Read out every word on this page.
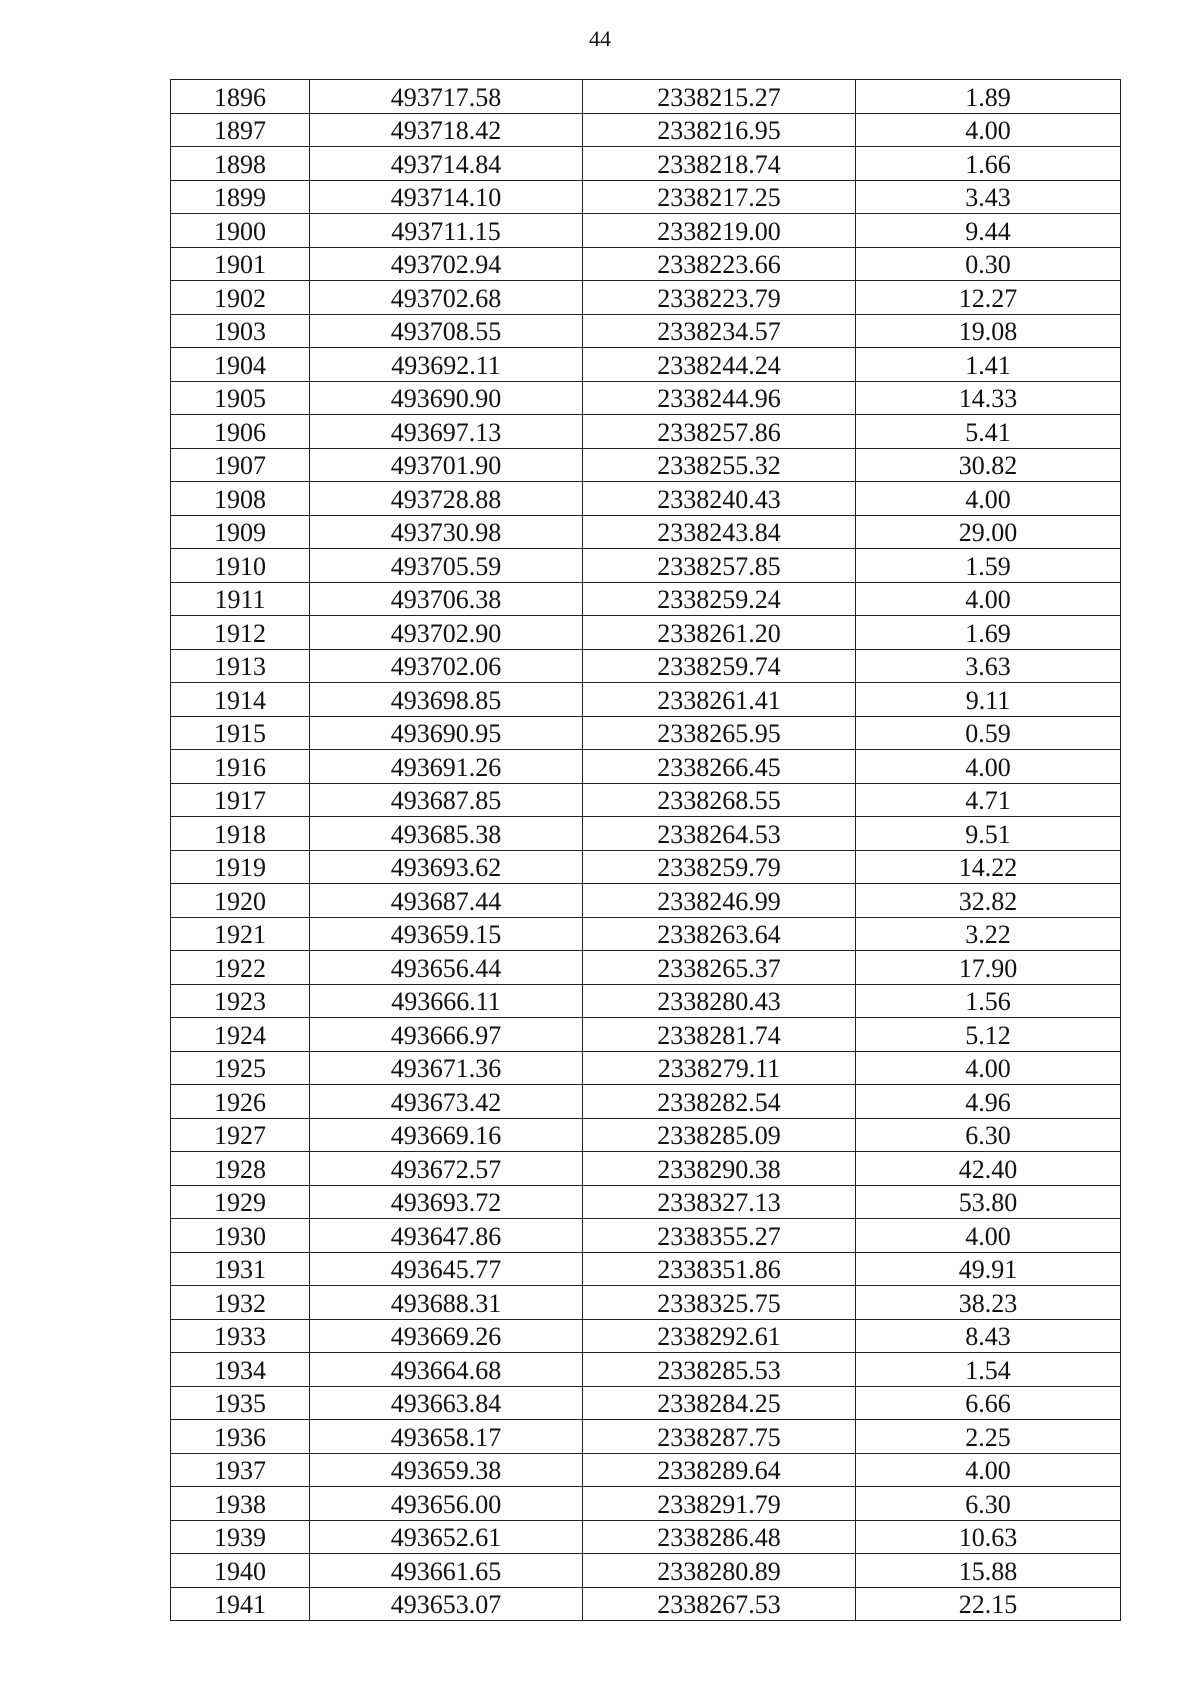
44
1896	493717.58	2338215.27	1.89
1897	493718.42	2338216.95	4.00
1898	493714.84	2338218.74	1.66
1899	493714.10	2338217.25	3.43
1900	493711.15	2338219.00	9.44
1901	493702.94	2338223.66	0.30
1902	493702.68	2338223.79	12.27
1903	493708.55	2338234.57	19.08
1904	493692.11	2338244.24	1.41
1905	493690.90	2338244.96	14.33
1906	493697.13	2338257.86	5.41
1907	493701.90	2338255.32	30.82
1908	493728.88	2338240.43	4.00
1909	493730.98	2338243.84	29.00
1910	493705.59	2338257.85	1.59
1911	493706.38	2338259.24	4.00
1912	493702.90	2338261.20	1.69
1913	493702.06	2338259.74	3.63
1914	493698.85	2338261.41	9.11
1915	493690.95	2338265.95	0.59
1916	493691.26	2338266.45	4.00
1917	493687.85	2338268.55	4.71
1918	493685.38	2338264.53	9.51
1919	493693.62	2338259.79	14.22
1920	493687.44	2338246.99	32.82
1921	493659.15	2338263.64	3.22
1922	493656.44	2338265.37	17.90
1923	493666.11	2338280.43	1.56
1924	493666.97	2338281.74	5.12
1925	493671.36	2338279.11	4.00
1926	493673.42	2338282.54	4.96
1927	493669.16	2338285.09	6.30
1928	493672.57	2338290.38	42.40
1929	493693.72	2338327.13	53.80
1930	493647.86	2338355.27	4.00
1931	493645.77	2338351.86	49.91
1932	493688.31	2338325.75	38.23
1933	493669.26	2338292.61	8.43
1934	493664.68	2338285.53	1.54
1935	493663.84	2338284.25	6.66
1936	493658.17	2338287.75	2.25
1937	493659.38	2338289.64	4.00
1938	493656.00	2338291.79	6.30
1939	493652.61	2338286.48	10.63
1940	493661.65	2338280.89	15.88
1941	493653.07	2338267.53	22.15
